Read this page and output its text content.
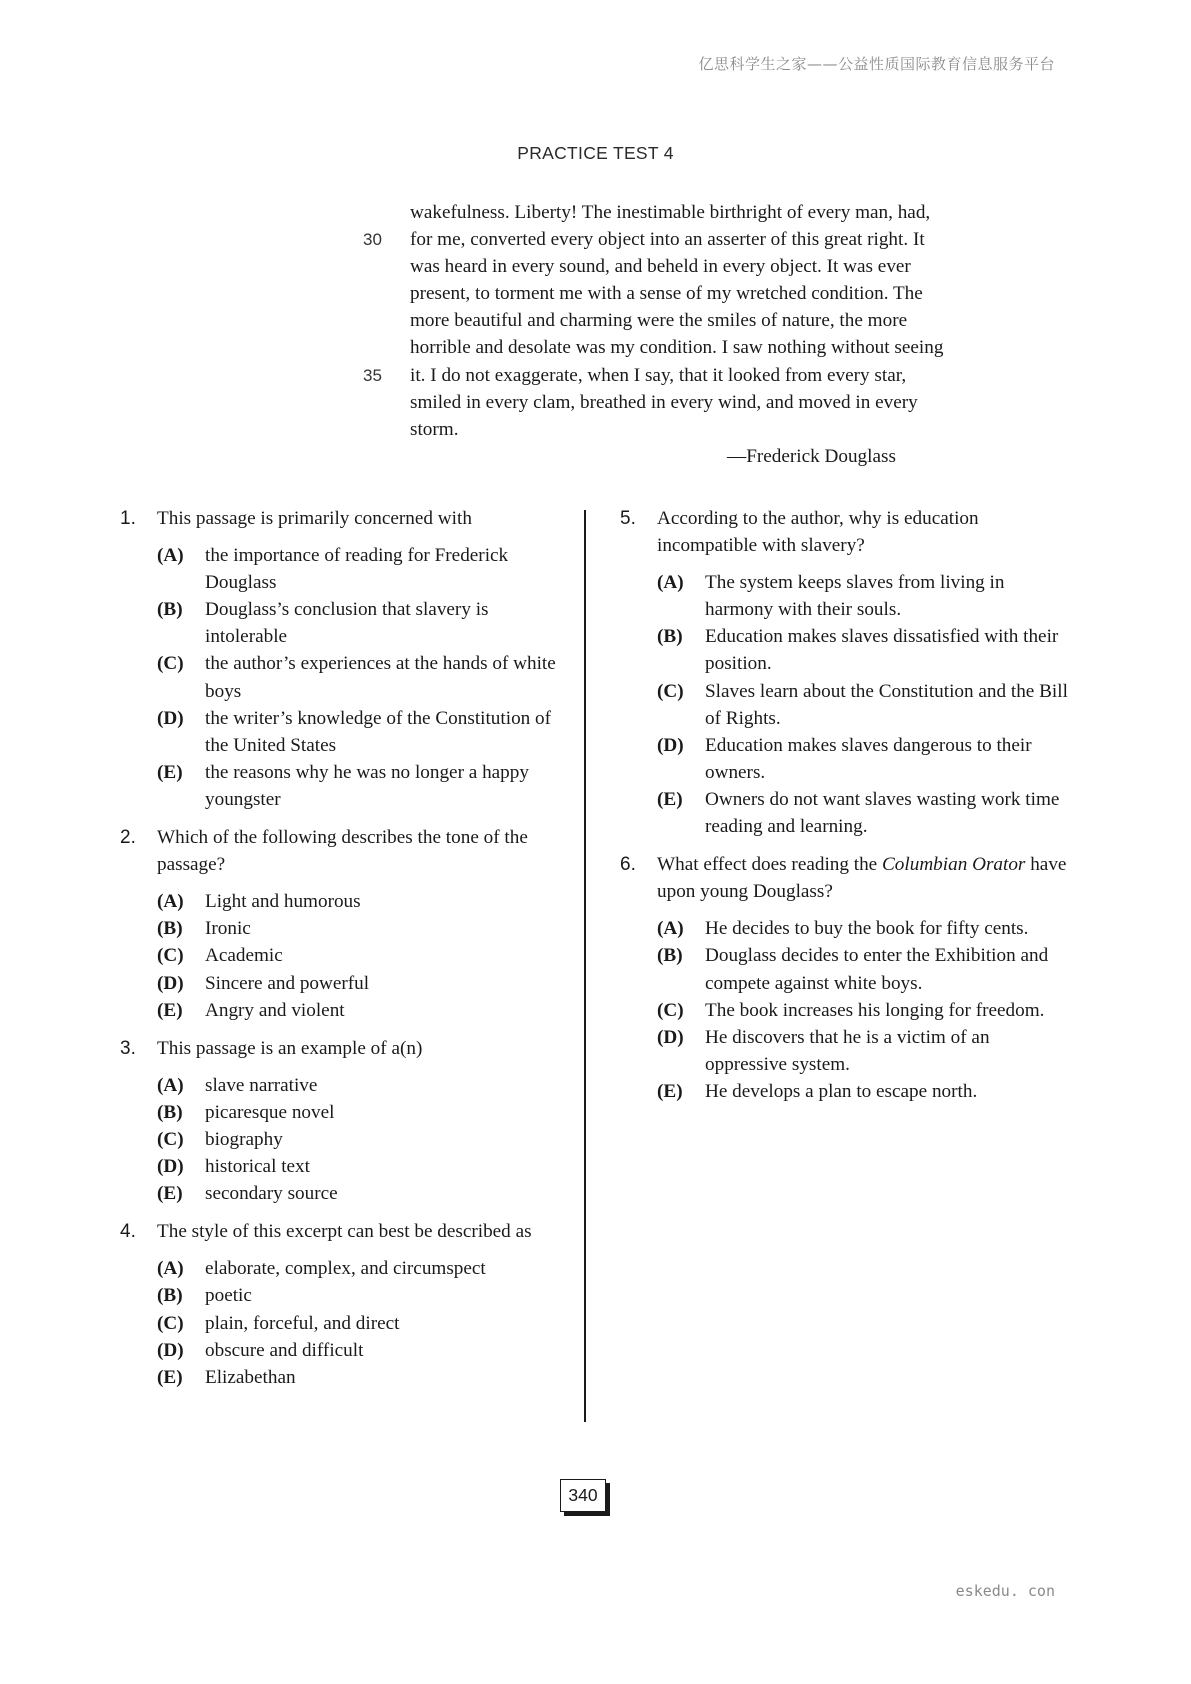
亿思科学生之家——公益性质国际教育信息服务平台
PRACTICE TEST 4
wakefulness. Liberty! The inestimable birthright of every man, had,
30 for me, converted every object into an asserter of this great right. It
was heard in every sound, and beheld in every object. It was ever
present, to torment me with a sense of my wretched condition. The
more beautiful and charming were the smiles of nature, the more
horrible and desolate was my condition. I saw nothing without seeing
35 it. I do not exaggerate, when I say, that it looked from every star,
smiled in every clam, breathed in every wind, and moved in every
storm.
—Frederick Douglass
1. This passage is primarily concerned with
(A) the importance of reading for Frederick Douglass
(B) Douglass’s conclusion that slavery is intolerable
(C) the author’s experiences at the hands of white boys
(D) the writer’s knowledge of the Constitution of the United States
(E) the reasons why he was no longer a happy youngster
2. Which of the following describes the tone of the passage?
(A) Light and humorous
(B) Ironic
(C) Academic
(D) Sincere and powerful
(E) Angry and violent
3. This passage is an example of a(n)
(A) slave narrative
(B) picaresque novel
(C) biography
(D) historical text
(E) secondary source
4. The style of this excerpt can best be described as
(A) elaborate, complex, and circumspect
(B) poetic
(C) plain, forceful, and direct
(D) obscure and difficult
(E) Elizabethan
5. According to the author, why is education incompatible with slavery?
(A) The system keeps slaves from living in harmony with their souls.
(B) Education makes slaves dissatisfied with their position.
(C) Slaves learn about the Constitution and the Bill of Rights.
(D) Education makes slaves dangerous to their owners.
(E) Owners do not want slaves wasting work time reading and learning.
6. What effect does reading the Columbian Orator have upon young Douglass?
(A) He decides to buy the book for fifty cents.
(B) Douglass decides to enter the Exhibition and compete against white boys.
(C) The book increases his longing for freedom.
(D) He discovers that he is a victim of an oppressive system.
(E) He develops a plan to escape north.
340
eskedu. con
